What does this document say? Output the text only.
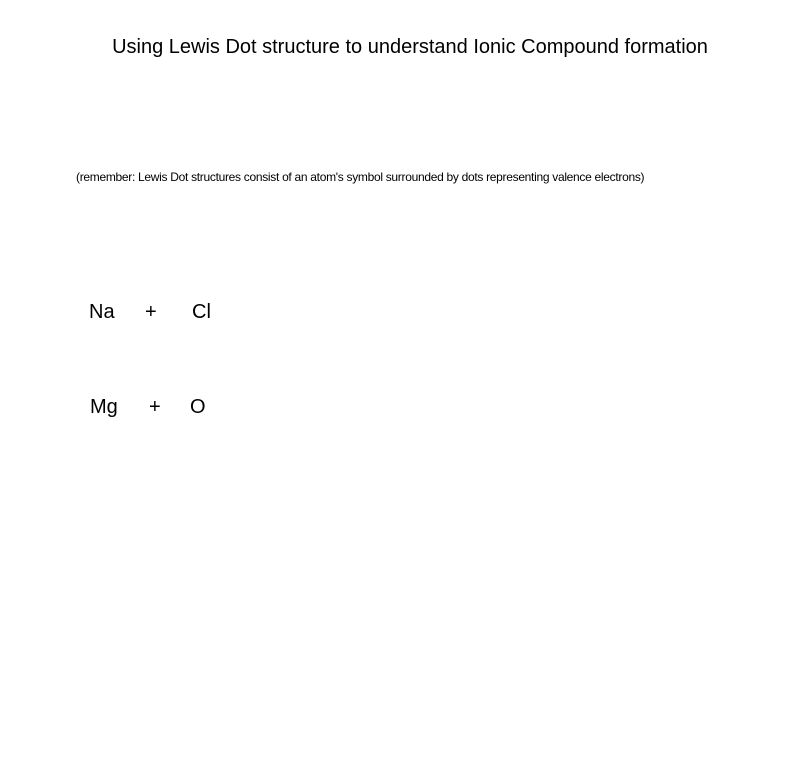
Using Lewis Dot structure to understand Ionic Compound formation
(remember: Lewis Dot structures consist of an atom's symbol surrounded by dots representing valence electrons)
Na + Cl
Mg + O
